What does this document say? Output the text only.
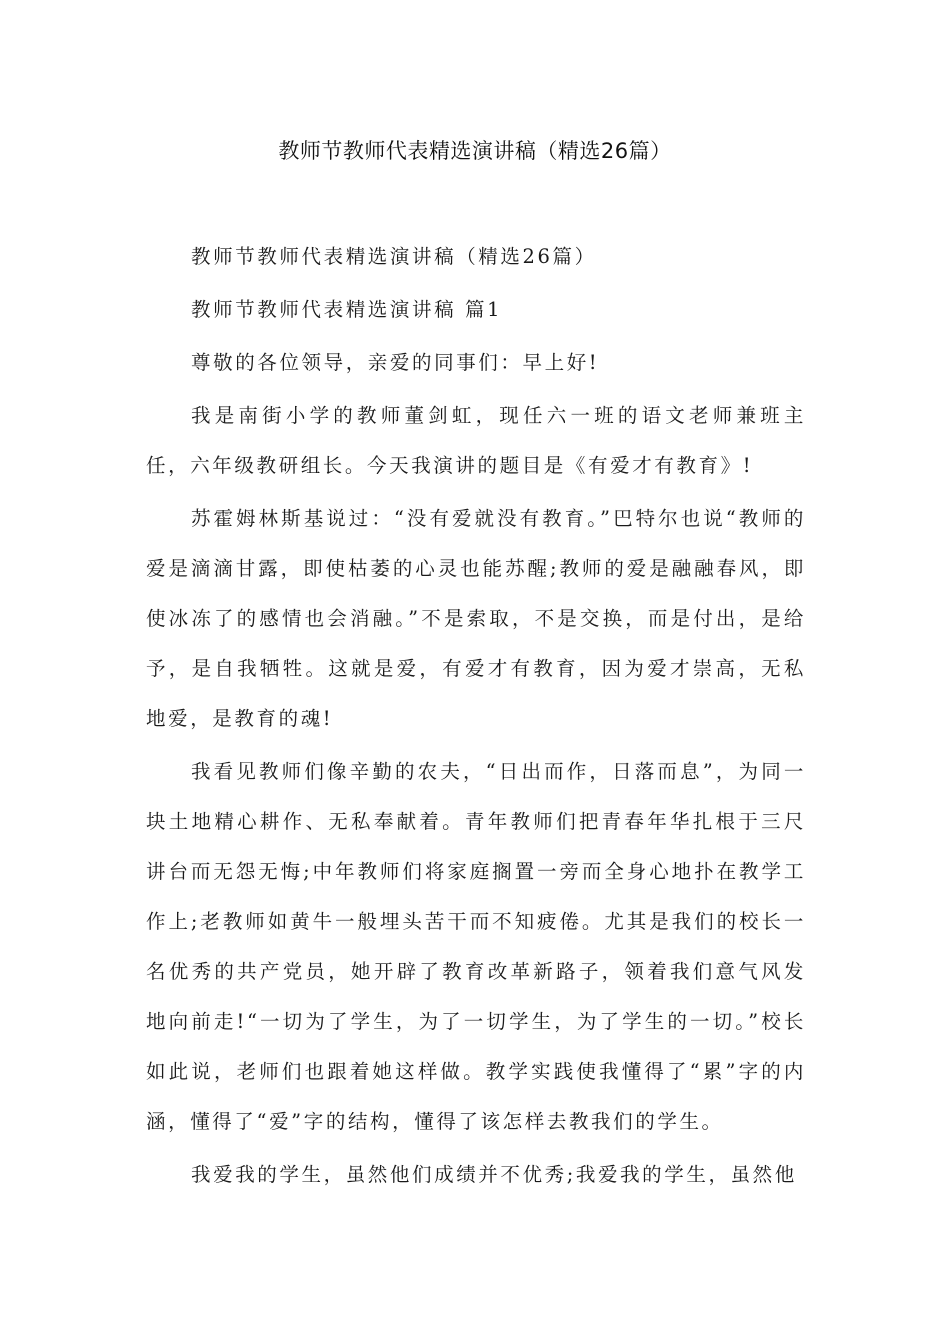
教师节教师代表精选演讲稿（精选26篇）

教师节教师代表精选演讲稿（精选26篇）

教师节教师代表精选演讲稿 篇1

尊敬的各位领导，亲爱的同事们：早上好!

我是南街小学的教师董剑虹，现任六一班的语文老师兼班主任，六年级教研组长。今天我演讲的题目是《有爱才有教育》!

苏霍姆林斯基说过：“没有爱就没有教育。”巴特尔也说“教师的爱是滴滴甘露，即使枯萎的心灵也能苏醒;教师的爱是融融春风，即使冰冻了的感情也会消融。”不是索取，不是交换，而是付出，是给予，是自我牺牲。这就是爱，有爱才有教育，因为爱才崇高，无私地爱，是教育的魂!

我看见教师们像辛勤的农夫，“日出而作，日落而息”，为同一块土地精心耕作、无私奉献着。青年教师们把青春年华扎根于三尺讲台而无怨无悔;中年教师们将家庭搁置一旁而全身心地扑在教学工作上;老教师如黄牛一般埋头苦干而不知疲倦。尤其是我们的校长一名优秀的共产党员，她开辟了教育改革新路子，领着我们意气风发地向前走!“一切为了学生，为了一切学生，为了学生的一切。”校长如此说，老师们也跟着她这样做。教学实践使我懂得了“累”字的内涵，懂得了“爱”字的结构，懂得了该怎样去教我们的学生。

我爱我的学生，虽然他们成绩并不优秀;我爱我的学生，虽然他
